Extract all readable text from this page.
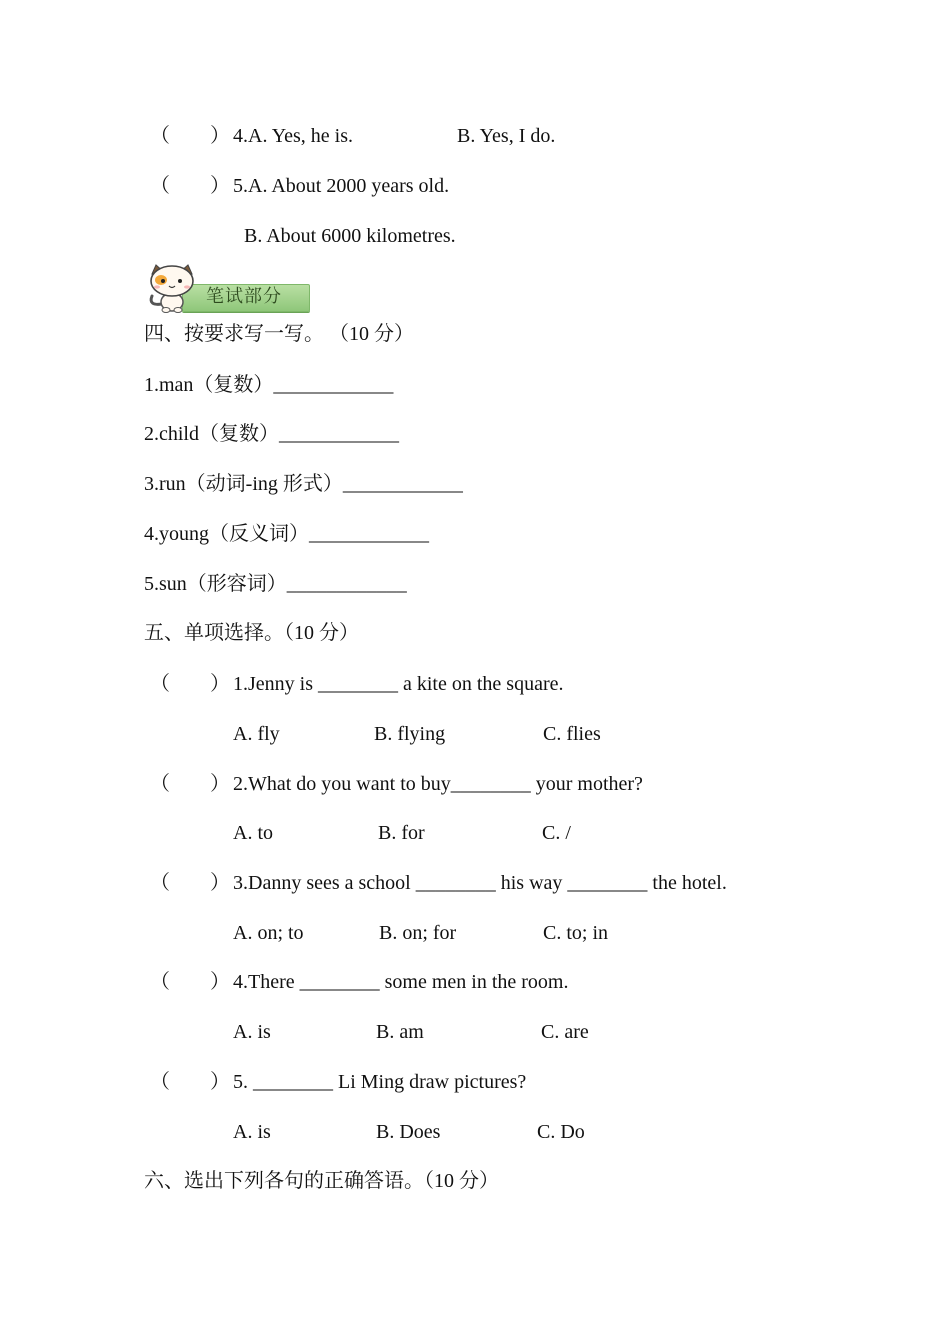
（　　） 4.A. Yes, he is.	B. Yes, I do.
（　　） 5.A. About 2000 years old.
B. About 6000 kilometres.
笔试部分
四、按要求写一写。 （10 分）
1.man（复数）____________
2.child（复数）____________
3.run（动词-ing 形式）____________
4.young（反义词）____________
5.sun（形容词）____________
五、单项选择。（10 分）
（　　） 1.Jenny is ________ a kite on the square.
A. fly	B. flying	C. flies
（　　） 2.What do you want to buy________ your mother?
A. to	B. for	C. /
（　　） 3.Danny sees a school ________ his way ________ the hotel.
A. on; to	B. on; for	C. to; in
（　　） 4.There ________ some men in the room.
A. is	B. am	C. are
（　　） 5. ________ Li Ming draw pictures?
A. is	B. Does	C. Do
六、选出下列各句的正确答语。（10 分）
